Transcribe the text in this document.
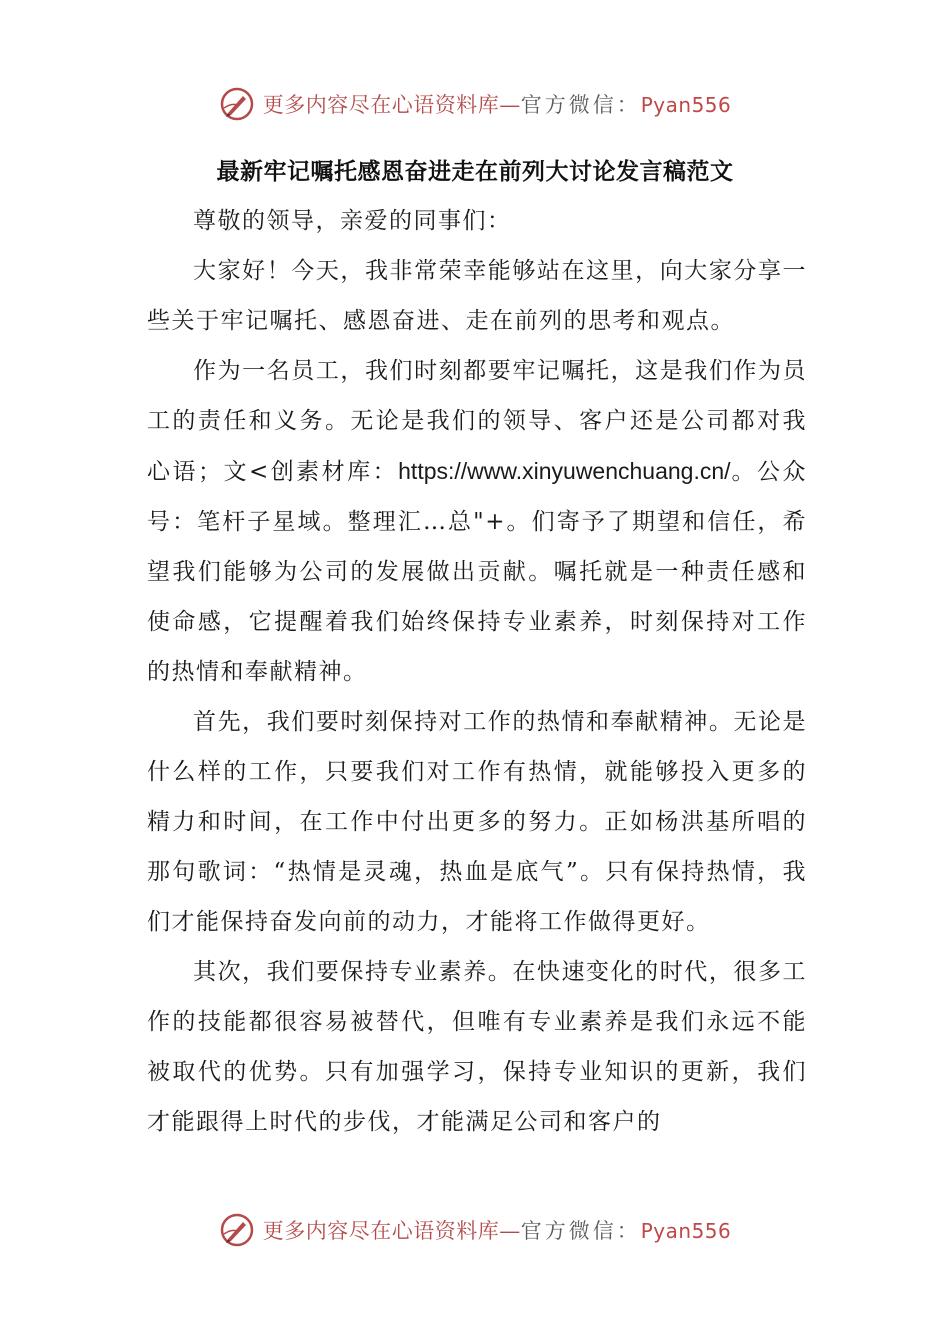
更多内容尽在心语资料库—官方微信：Pyan556
最新牢记嘱托感恩奋进走在前列大讨论发言稿范文

尊敬的领导，亲爱的同事们：

大家好！今天，我非常荣幸能够站在这里，向大家分享一些关于牢记嘱托、感恩奋进、走在前列的思考和观点。

作为一名员工，我们时刻都要牢记嘱托，这是我们作为员工的责任和义务。无论是我们的领导、客户还是公司都对我心语；文<创素材库：https://www.xinyuwenchuang.cn/。公众号：笔杆子星域。整理汇…总"+。们寄予了期望和信任，希望我们能够为公司的发展做出贡献。嘱托就是一种责任感和使命感，它提醒着我们始终保持专业素养，时刻保持对工作的热情和奉献精神。

首先，我们要时刻保持对工作的热情和奉献精神。无论是什么样的工作，只要我们对工作有热情，就能够投入更多的精力和时间，在工作中付出更多的努力。正如杨洪基所唱的那句歌词：“热情是灵魂，热血是底气”。只有保持热情，我们才能保持奋发向前的动力，才能将工作做得更好。

其次，我们要保持专业素养。在快速变化的时代，很多工作的技能都很容易被替代，但唯有专业素养是我们永远不能被取代的优势。只有加强学习，保持专业知识的更新，我们才能跟得上时代的步伐，才能满足公司和客户的

更多内容尽在心语资料库—官方微信：Pyan556
